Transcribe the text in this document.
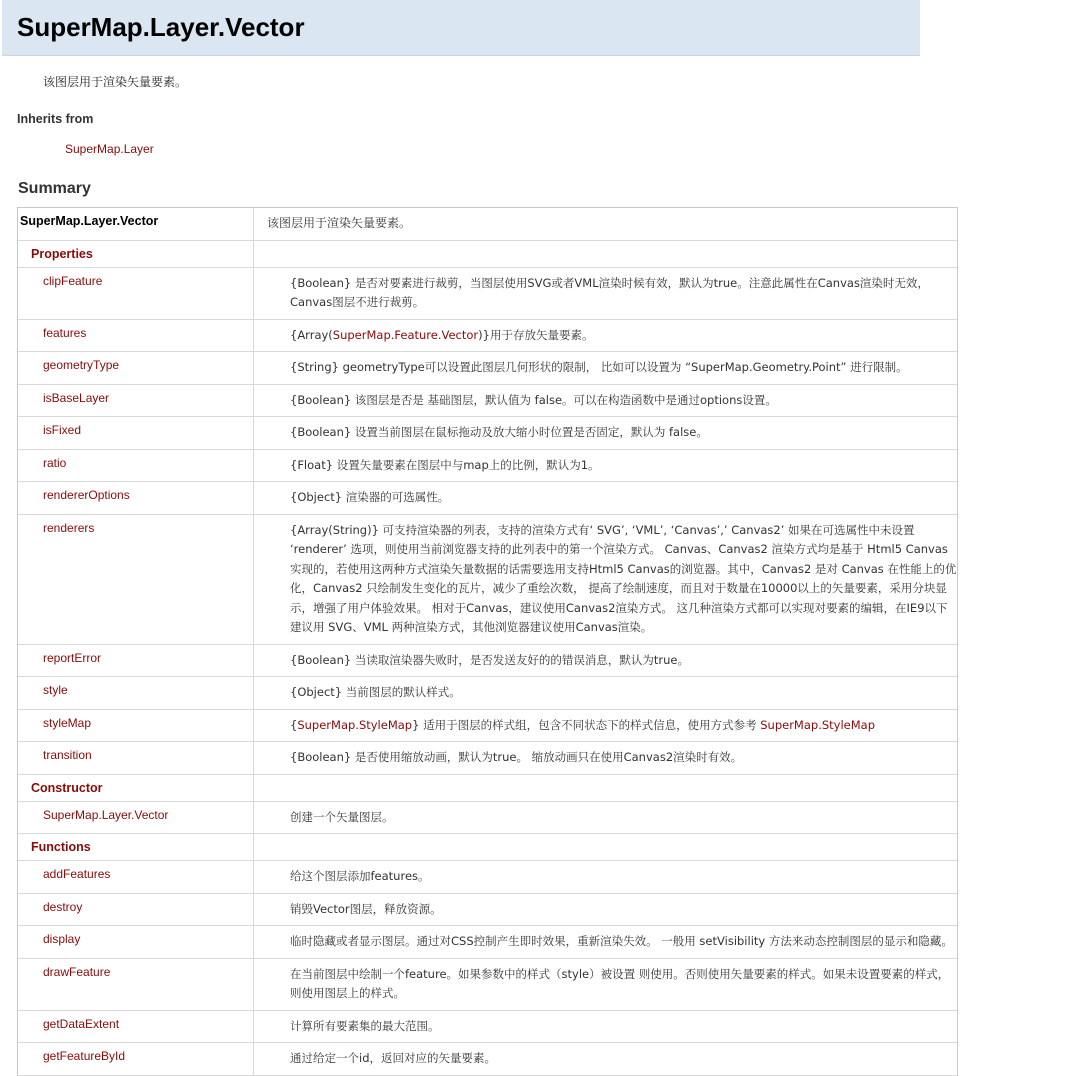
SuperMap.Layer.Vector
该图层用于渲染矢量要素。
Inherits from
SuperMap.Layer
Summary
SuperMap.Layer.Vector	该图层用于渲染矢量要素。
Properties
clipFeature	{Boolean} 是否对要素进行裁剪，当图层使用SVG或者VML渲染时候有效，默认为true。注意此属性在Canvas渲染时无效，Canvas图层不进行裁剪。
features	{Array(SuperMap.Feature.Vector)}用于存放矢量要素。
geometryType	{String} geometryType可以设置此图层几何形状的限制， 比如可以设置为 “SuperMap.Geometry.Point” 进行限制。
isBaseLayer	{Boolean} 该图层是否是 基础图层，默认值为 false。可以在构造函数中是通过options设置。
isFixed	{Boolean} 设置当前图层在鼠标拖动及放大缩小时位置是否固定，默认为 false。
ratio	{Float} 设置矢量要素在图层中与map上的比例，默认为1。
rendererOptions	{Object} 渲染器的可选属性。
renderers	{Array(String)} 可支持渲染器的列表，支持的渲染方式有‘ SVG’, ‘VML’, ‘Canvas’,’ Canvas2’ 如果在可选属性中未设置 ‘renderer’ 选项，则使用当前浏览器支持的此列表中的第一个渲染方式。 Canvas、Canvas2 渲染方式均是基于 Html5 Canvas 实现的，若使用这两种方式渲染矢量数据的话需要选用支持Html5 Canvas的浏览器。其中，Canvas2 是对 Canvas 在性能上的优化，Canvas2 只绘制发生变化的瓦片，减少了重绘次数， 提高了绘制速度，而且对于数量在10000以上的矢量要素，采用分块显示，增强了用户体验效果。 相对于Canvas，建议使用Canvas2渲染方式。 这几种渲染方式都可以实现对要素的编辑，在IE9以下建议用 SVG、VML 两种渲染方式，其他浏览器建议使用Canvas渲染。
reportError	{Boolean} 当读取渲染器失败时，是否发送友好的的错误消息，默认为true。
style	{Object} 当前图层的默认样式。
styleMap	{SuperMap.StyleMap} 适用于图层的样式组，包含不同状态下的样式信息，使用方式参考 SuperMap.StyleMap
transition	{Boolean} 是否使用缩放动画，默认为true。 缩放动画只在使用Canvas2渲染时有效。
Constructor
SuperMap.Layer.Vector	创建一个矢量图层。
Functions
addFeatures	给这个图层添加features。
destroy	销毁Vector图层，释放资源。
display	临时隐藏或者显示图层。通过对CSS控制产生即时效果，重新渲染失效。 一般用 setVisibility 方法来动态控制图层的显示和隐藏。
drawFeature	在当前图层中绘制一个feature。如果参数中的样式（style）被设置 则使用。否则使用矢量要素的样式。如果未设置要素的样式，则使用图层上的样式。
getDataExtent	计算所有要素集的最大范围。
getFeatureById	通过给定一个id，返回对应的矢量要素。
